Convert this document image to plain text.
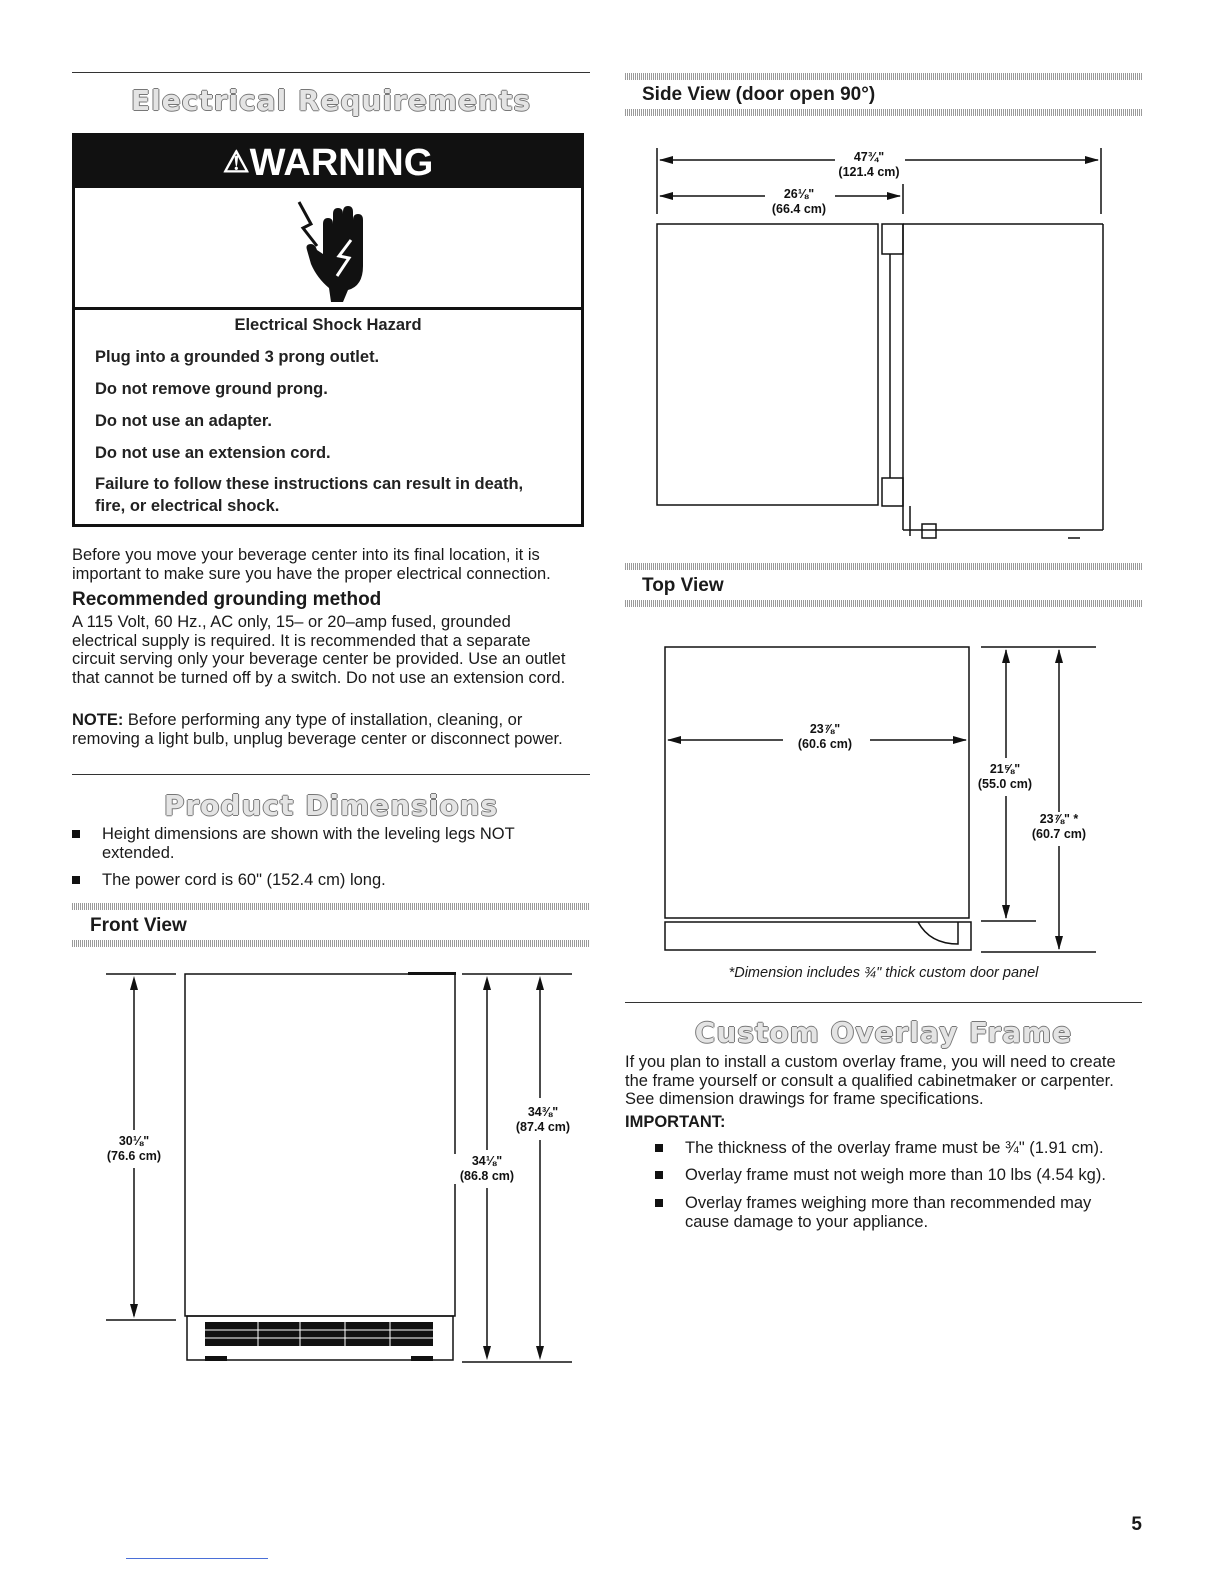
Electrical Requirements
⚠WARNING
Electrical Shock Hazard
Plug into a grounded 3 prong outlet.
Do not remove ground prong.
Do not use an adapter.
Do not use an extension cord.
Failure to follow these instructions can result in death,
fire, or electrical shock.
Before you move your beverage center into its final location, it is important to make sure you have the proper electrical connection.
Recommended grounding method
A 115 Volt, 60 Hz., AC only, 15– or 20–amp fused, grounded electrical supply is required. It is recommended that a separate circuit serving only your beverage center be provided. Use an outlet that cannot be turned off by a switch. Do not use an extension cord.
NOTE: Before performing any type of installation, cleaning, or removing a light bulb, unplug beverage center or disconnect power.
Product Dimensions
Height dimensions are shown with the leveling legs NOT extended.
The power cord is 60" (152.4 cm) long.
Front View
30⅛"
(76.6 cm)	34⅛"
(86.8 cm)
34⅜"
(87.4 cm)
Side View (door open 90°)
47¾"
(121.4 cm)
26⅛"
(66.4 cm)
Top View
23⅞"
(60.6 cm)
21⅝"
(55.0 cm)
23⅞" *
(60.7 cm)
*Dimension includes ¾" thick custom door panel
Custom Overlay Frame
If you plan to install a custom overlay frame, you will need to create the frame yourself or consult a qualified cabinetmaker or carpenter. See dimension drawings for frame specifications.
IMPORTANT:
The thickness of the overlay frame must be ¾" (1.91 cm).
Overlay frame must not weigh more than 10 lbs (4.54 kg).
Overlay frames weighing more than recommended may cause damage to your appliance.
5
